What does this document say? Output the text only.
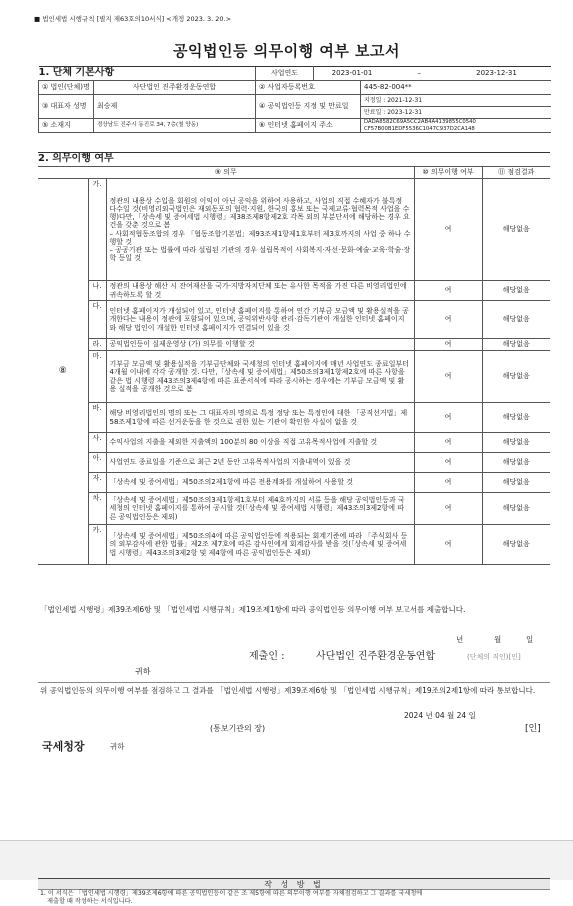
■ 법인세법 시행규칙 [별지 제63호의10서식] <개정 2023. 3. 20.>
공익법인등 의무이행 여부 보고서
1. 단체 기본사항		사업연도	2023-01-01 – 2023-12-31	
① 법인(단체)명	사단법인 진주환경운동연합	② 사업자등록번호		445-82-004**
③ 대표자 성명	최승제	④ 공익법인등 지정 및 만료일		지정일 : 2021-12-31
				만료일 : 2023-12-31
⑤ 소재지	경상남도 진주시 동진로 34, 7층(철 양동)	⑥ 인터넷 홈페이지 주소		DADA8582C69A5CC2AB4A4139855C0540 CF57B00B1EDF5536C1047C937D2CA148
2. 의무이행 여부				
⑨ 의무			⑩ 의무이행 여부	⑪ 점검결과
⑧	가.	정관의 내용상 수입을 회원의 이익이 아닌 공익을 위하여 사용하고, 사업의 직접 수혜자가 불특정 다수일 것(비영리외국법인은 재외동포의 협력·지원, 한국의 홍보 또는 국제교류·협력목적 사업을 수행)다만,「상속세 및 증여세법 시행령」제38조제8항제2호 각목 외의 부분단서에 해당하는 경우 요건을 갖춘 것으로 봄
– 사회적협동조합의 경우 「협동조합기본법」제93조제1항제1호부터 제3호까지의 사업 중 하나 수행할 것
– 공공기관 또는 법률에 따라 설립된 기관의 경우 설립목적이 사회복지·자선·문화·예술·교육·학술·장학 등일 것	여	해당없음
	나.	정관의 내용상 해산 시 잔여재산을 국가·지방자치단체 또는 유사한 목적을 가진 다른 비영리법인에 귀속하도록 할 것	여	해당없음
	다.	인터넷 홈페이지가 개설되어 있고, 인터넷 홈페이지를 통하여 연간 기부금 모금액 및 활용실적을 공개한다는 내용이 정관에 포함되어 있으며, 공익위반사항 관리·감독기관이 개설한 인터넷 홈페이지와 해당 법인이 개설한 인터넷 홈페이지가 연결되어 있을 것	여	해당없음
	라.	공익법인등이 실제운영상 (가) 의무를 이행할 것	여	해당없음
	마.	기부금 모금액 및 활용실적을 기부금단체와 국세청의 인터넷 홈페이지에 매년 사업연도 종료일부터 4개월 이내에 각각 공개할 것. 다만,「상속세 및 증여세법」제50조의3제1항제2호에 따른 사항을 같은 법 시행령 제43조의3제4항에 따른 표준서식에 따라 공시하는 경우에는 기부금 모금액 및 활용 실적을 공개한 것으로 봄	여	해당없음
	바.	해당 비영리법인의 명의 또는 그 대표자의 명의로 특정 정당 또는 특정인에 대한 「공직선거법」제58조제1항에 따른 선거운동을 한 것으로 권한 있는 기관이 확인한 사실이 없을 것	여	해당없음
	사.	수익사업의 지출을 제외한 지출액의 100분의 80 이상을 직접 고유목적사업에 지출할 것	여	해당없음
	아.	사업연도 종료일을 기준으로 최근 2년 동안 고유목적사업의 지출내역이 있을 것	여	해당없음
	자.	「상속세 및 증여세법」제50조의2제1항에 따른 전용계좌를 개설하여 사용할 것	여	해당없음
	차.	「상속세 및 증여세법」제50조의3제1항제1호부터 제4호까지의 서류 등을 해당 공익법인등과 국세청의 인터넷 홈페이지를 통하여 공시할 것(「상속세 및 증여세법 시행령」제43조의3제2항에 따른 공익법인등은 제외)	여	해당없음
	카.	「상속세 및 증여세법」제50조의4에 따른 공익법인등에 적용되는 회계기준에 따라 「주식회사 등의 외부감사에 관한 법률」제2조 제7호에 따른 감사인에게 회계감사를 받을 것(「상속세 및 증여세법 시행령」제43조의3제2항 및 제4항에 따른 공익법인등은 제외)	여	해당없음
「법인세법 시행령」제39조제6항 및 「법인세법 시행규칙」제19조제1항에 따라 공익법인등 의무이행 여부 보고서를 제출합니다.
년	월	일
제출인 :	사단법인 진주환경운동연합	(단체의 직인)[인]
귀하
위 공익법인등의 의무이행 여부를 점검하고 그 결과를 「법인세법 시행령」제39조제6항 및 「법인세법 시행규칙」제19조의2제1항에 따라 통보합니다.
2024 년 04 월 24 일
(통보기관의 장)	[인]
국세청장	귀하
작 성 방 법
1. 이 서식은 「법인세법 시행령」제39조제6항에 따른 공익법인등이 같은 조 제5항에 따른 의무이행 여부를 자체점검하고 그 결과를 국세청에
제출할 때 작성하는 서식입니다.
